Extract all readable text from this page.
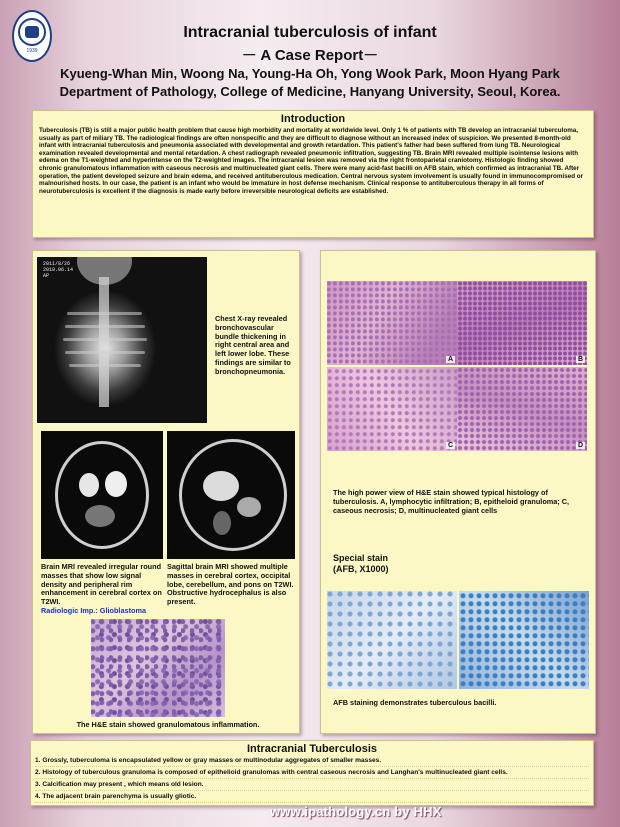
1939
Intracranial tuberculosis of infant
－ A Case Report－
Kyueng-Whan Min, Woong Na, Young-Ha Oh, Yong Wook Park, Moon Hyang Park
Department of Pathology, College of Medicine, Hanyang University, Seoul, Korea.
Introduction
Tuberculosis (TB) is still a major public health problem that cause high morbidity and mortality at worldwide level. Only 1 % of patients with TB develop an intracranial tuberculoma, usually as part of miliary TB. The radiological findings are often nonspecific and they are difficult to diagnose without an increased index of suspicion. We presented 8-month-old infant with intracranial tuberculosis and pneumonia associated with developmental and growth retardation. This patient's father had been suffered from lung TB. Neurological examination revealed developmental and mental retardation. A chest radiograph revealed pneumonic infiltration, suggesting TB. Brain MRI revealed multiple isointense lesions with edema on the T1-weighted and hyperintense on the T2-weighted images. The intracranial lesion was removed via the right frontoparietal craniotomy. Histologic finding showed chronic granulomatous inflammation with caseous necrosis and multinucleated giant cells. There were many acid-fast bacilli on AFB stain, which confirmed as intracranial TB. After operation, the patient developed seizure and brain edema, and received antituberculous medication. Central nervous system involvement is usually found in immunocompromised or malnourished hosts. In our case, the patient is an infant who would be immature in host defense mechanism. Clinical response to antituberculous therapy in all forms of neurotuberculosis is excellent if the diagnosis is made early before irreversible neurological deficits are established.
2011/8/26
2010.06.14
AP
Chest X-ray revealed bronchovascular bundle thickening in right central area and left lower lobe. These findings are similar to bronchopneumonia.
Brain MRI revealed irregular round masses that show low signal density and peripheral rim enhancement in cerebral cortex on T2WI.
Radiologic Imp.: Glioblastoma
Sagittal brain MRI showed multiple masses in cerebral cortex, occipital lobe, cerebellum, and pons on T2WI. Obstructive hydrocephalus is also present.
The H&E stain showed granulomatous inflammation.
A	B
C	D
The high power view of H&E stain showed typical histology of tuberculosis. A, lymphocytic infiltration; B, epitheloid granuloma; C, caseous necrosis; D, multinucleated giant cells
Special stain
(AFB, X1000)
AFB staining demonstrates tuberculous bacilli.
Intracranial Tuberculosis
1. Grossly, tuberculoma is encapsulated yellow or gray masses or multinodular aggregates of smaller masses.
2. Histology of tuberculous granuloma is composed of epithelioid granulomas with central caseous necrosis and Langhan's multinucleated giant cells.
3. Calcification may present , which means old lesion.
4. The adjacent brain parenchyma is usually gliotic.
www.ipathology.cn by HHX
